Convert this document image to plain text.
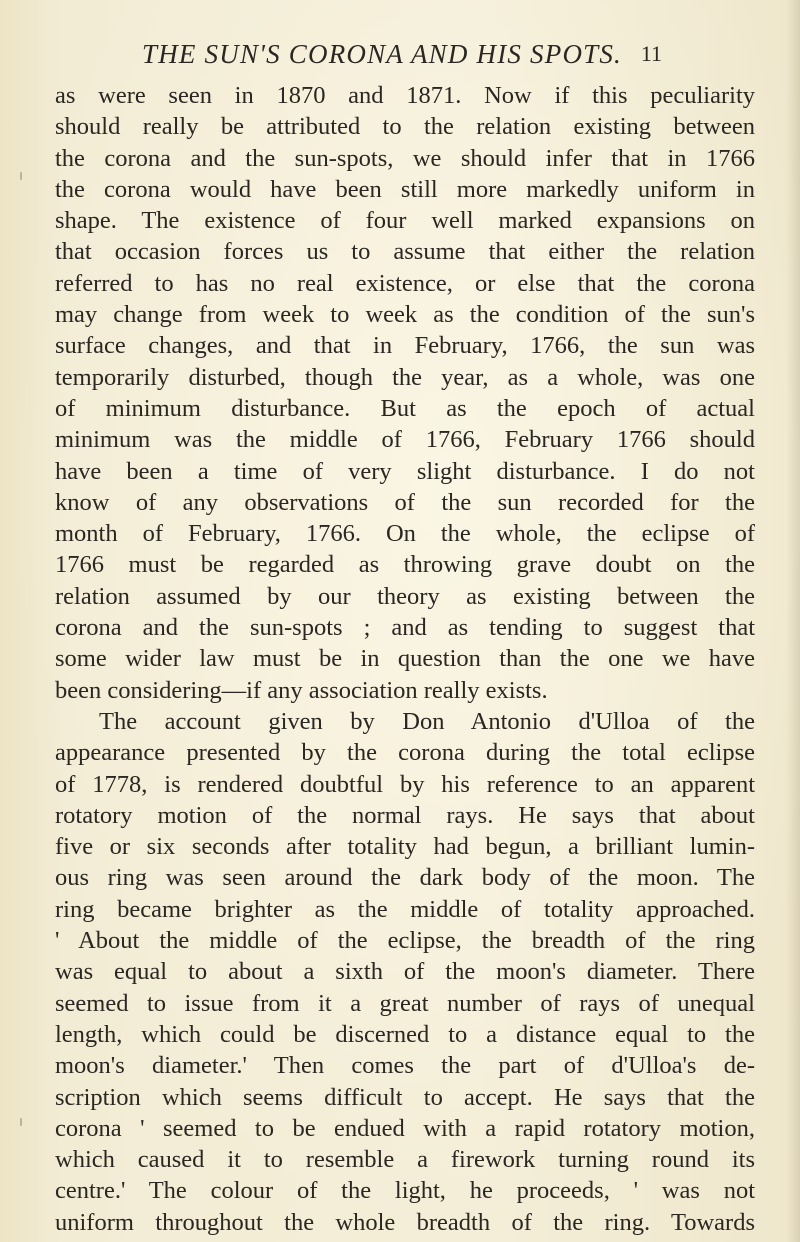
THE SUN'S CORONA AND HIS SPOTS. 11
as were seen in 1870 and 1871. Now if this peculiarity
should really be attributed to the relation existing between
the corona and the sun-spots, we should infer that in 1766
the corona would have been still more markedly uniform in
shape. The existence of four well marked expansions on
that occasion forces us to assume that either the relation
referred to has no real existence, or else that the corona
may change from week to week as the condition of the sun's
surface changes, and that in February, 1766, the sun was
temporarily disturbed, though the year, as a whole, was one
of minimum disturbance. But as the epoch of actual
minimum was the middle of 1766, February 1766 should
have been a time of very slight disturbance. I do not
know of any observations of the sun recorded for the
month of February, 1766. On the whole, the eclipse of
1766 must be regarded as throwing grave doubt on the
relation assumed by our theory as existing between the
corona and the sun-spots ; and as tending to suggest that
some wider law must be in question than the one we have
been considering—if any association really exists.
The account given by Don Antonio d'Ulloa of the
appearance presented by the corona during the total eclipse
of 1778, is rendered doubtful by his reference to an apparent
rotatory motion of the normal rays. He says that about
five or six seconds after totality had begun, a brilliant lumin-
ous ring was seen around the dark body of the moon. The
ring became brighter as the middle of totality approached.
' About the middle of the eclipse, the breadth of the ring
was equal to about a sixth of the moon's diameter. There
seemed to issue from it a great number of rays of unequal
length, which could be discerned to a distance equal to the
moon's diameter.' Then comes the part of d'Ulloa's de-
scription which seems difficult to accept. He says that the
corona ' seemed to be endued with a rapid rotatory motion,
which caused it to resemble a firework turning round its
centre.' The colour of the light, he proceeds, ' was not
uniform throughout the whole breadth of the ring. Towards
